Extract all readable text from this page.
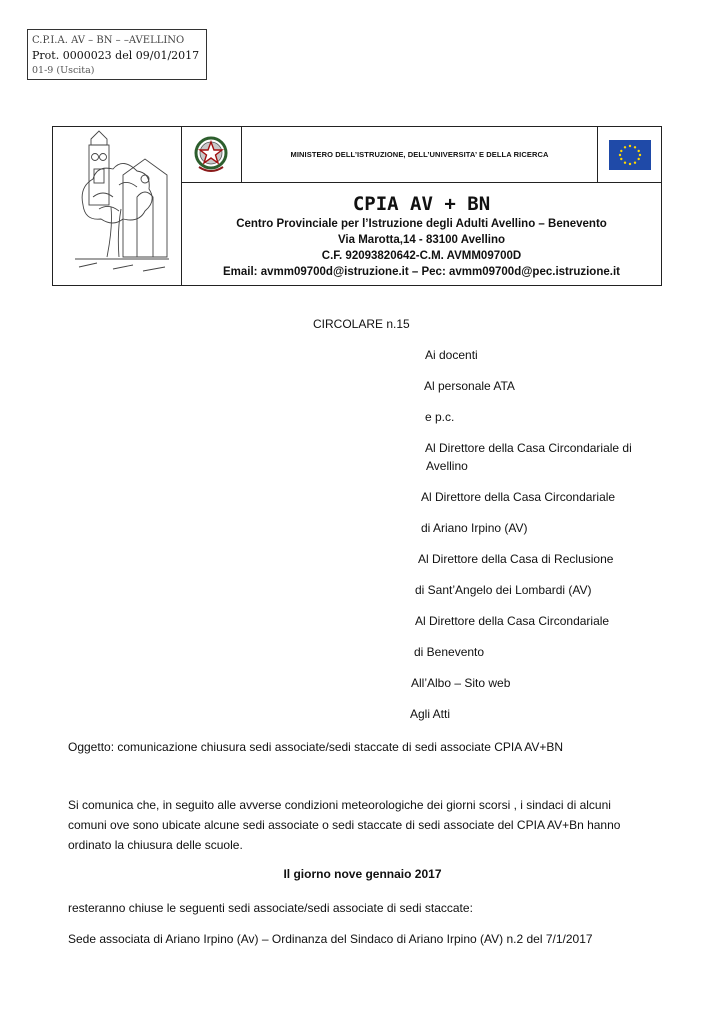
C.P.I.A. AV – BN – –AVELLINO
Prot. 0000023 del 09/01/2017
01-9 (Uscita)
MINISTERO DELL’ISTRUZIONE, DELL’UNIVERSITA’ E DELLA RICERCA
CPIA AV + BN
Centro Provinciale per l’Istruzione degli Adulti Avellino – Benevento
Via Marotta,14 - 83100 Avellino
C.F. 92093820642-C.M. AVMM09700D
Email: avmm09700d@istruzione.it – Pec: avmm09700d@pec.istruzione.it
CIRCOLARE n.15
Ai docenti
Al personale ATA
e p.c.
Al Direttore della Casa Circondariale di
Avellino
Al Direttore della Casa Circondariale
di Ariano Irpino (AV)
Al Direttore della Casa di Reclusione
di Sant’Angelo dei Lombardi (AV)
Al Direttore della Casa Circondariale
di Benevento
All’Albo – Sito web
Agli Atti
Oggetto: comunicazione chiusura sedi associate/sedi staccate di sedi associate CPIA AV+BN
Si comunica che, in seguito alle avverse condizioni meteorologiche dei giorni scorsi , i sindaci di alcuni
comuni ove sono ubicate alcune sedi associate o sedi staccate di sedi associate del CPIA AV+Bn hanno
ordinato la chiusura delle scuole.
Il giorno nove gennaio 2017
resteranno chiuse le seguenti sedi associate/sedi associate di sedi staccate:
Sede associata di Ariano Irpino (Av) – Ordinanza del Sindaco di Ariano Irpino (AV) n.2 del 7/1/2017
